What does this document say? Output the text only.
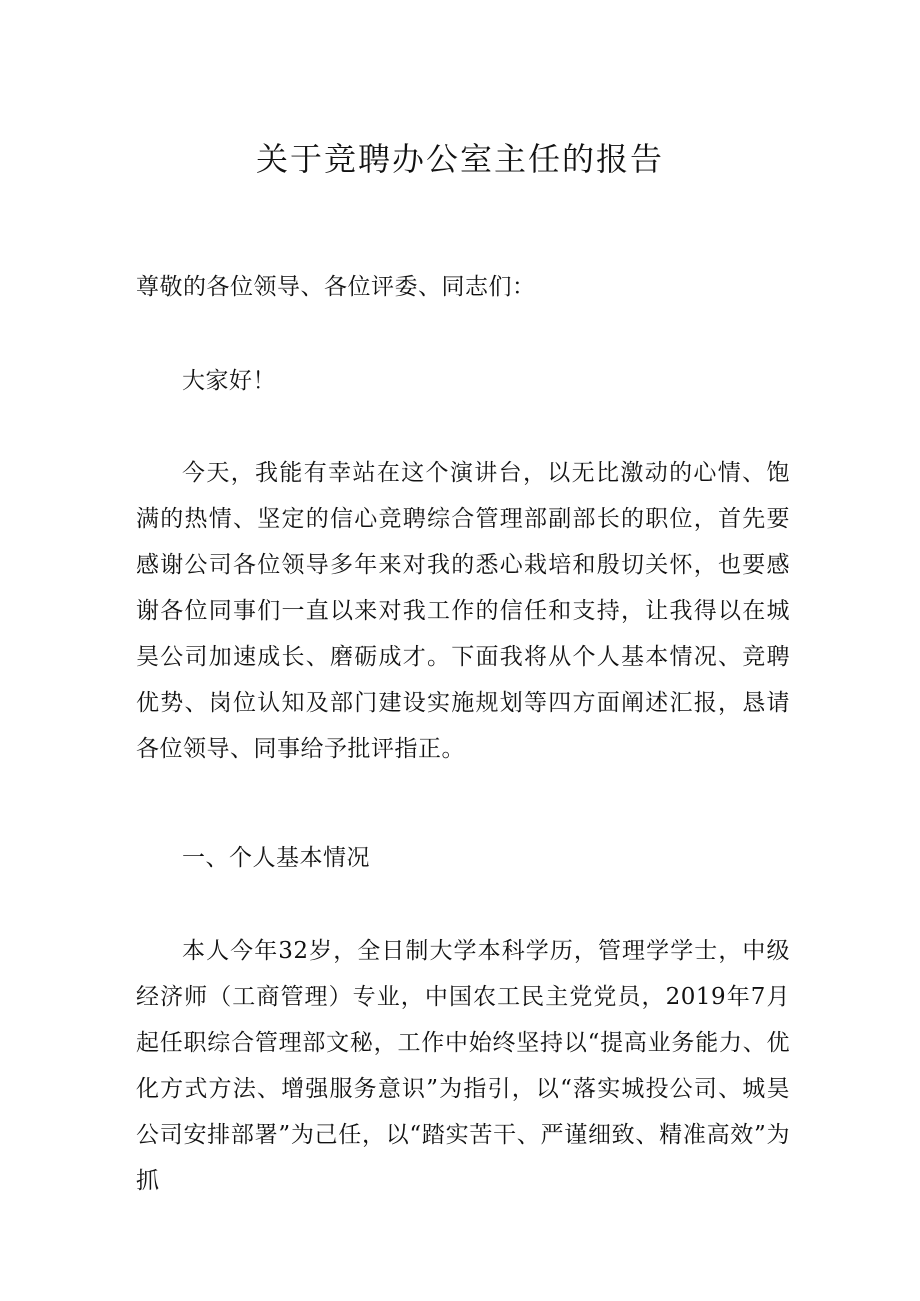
关于竞聘办公室主任的报告

尊敬的各位领导、各位评委、同志们：

大家好！

今天，我能有幸站在这个演讲台，以无比激动的心情、饱满的热情、坚定的信心竞聘综合管理部副部长的职位，首先要感谢公司各位领导多年来对我的悉心栽培和殷切关怀，也要感谢各位同事们一直以来对我工作的信任和支持，让我得以在城昊公司加速成长、磨砺成才。下面我将从个人基本情况、竞聘优势、岗位认知及部门建设实施规划等四方面阐述汇报，恳请各位领导、同事给予批评指正。

一、个人基本情况

本人今年32岁，全日制大学本科学历，管理学学士，中级经济师（工商管理）专业，中国农工民主党党员，2019年7月起任职综合管理部文秘，工作中始终坚持以“提高业务能力、优化方式方法、增强服务意识”为指引，以“落实城投公司、城昊公司安排部署”为己任，以“踏实苦干、严谨细致、精准高效”为抓
